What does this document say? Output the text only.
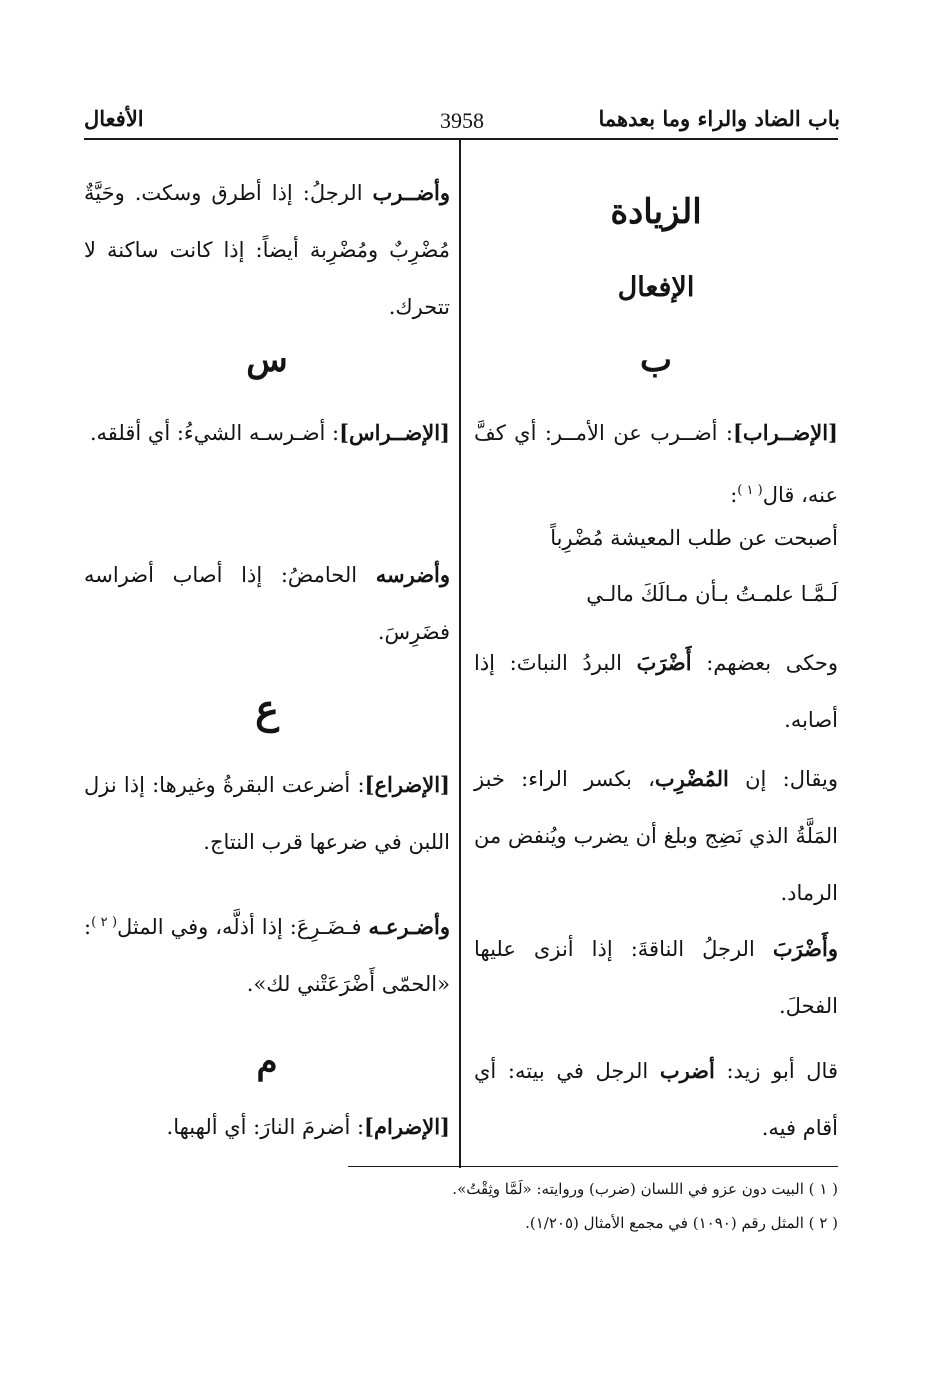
باب الضاد والراء وما بعدهما
3958
الأفعال
الزيادة
الإفعال
ب
[الإضــراب]: أضــرب عن الأمــر: أي كفَّ عنه، قال$^{( ١ )}$:
أصبحت عن طلب المعيشة مُضْرِباً
لَـمَّـا علمـتُ بـأن مـالَكَ مالـي
وحكى بعضهم: أَضْرَبَ البردُ النباتَ: إذا أصابه.
ويقال: إن المُضْرِب، بكسر الراء: خبز المَلَّةُ الذي نَضِج وبلغ أن يضرب ويُنفض من الرماد.
وأَضْرَبَ الرجلُ الناقةَ: إذا أنزى عليها الفحلَ.
قال أبو زيد: أضرب الرجل في بيته: أي أقام فيه.
وأضــرب الرجلُ: إذا أطرق وسكت. وحَيَّةٌ مُضْرِبٌ ومُضْرِبة أيضاً: إذا كانت ساكنة لا تتحرك.
س
[الإضــراس]: أضـرسـه الشيءُ: أي أقلقه.
وأضرسه الحامضُ: إذا أصاب أضراسه فضَرِسَ.
ع
[الإضراع]: أضرعت البقرةُ وغيرها: إذا نزل اللبن في ضرعها قرب النتاج.
وأضـرعـه فـضَـرِعَ: إذا أذلَّه، وفي المثل$^{( ٢ )}$: «الحمّى أَضْرَعَتْني لك».
م
[الإضرام]: أضرمَ النارَ: أي ألهبها.
( ١ ) البيت دون عزو في اللسان (ضرب) وروايته: «لَمَّا وثِقْتُ».
( ٢ ) المثل رقم (١٠٩٠) في مجمع الأمثال (١/٢٠٥).
